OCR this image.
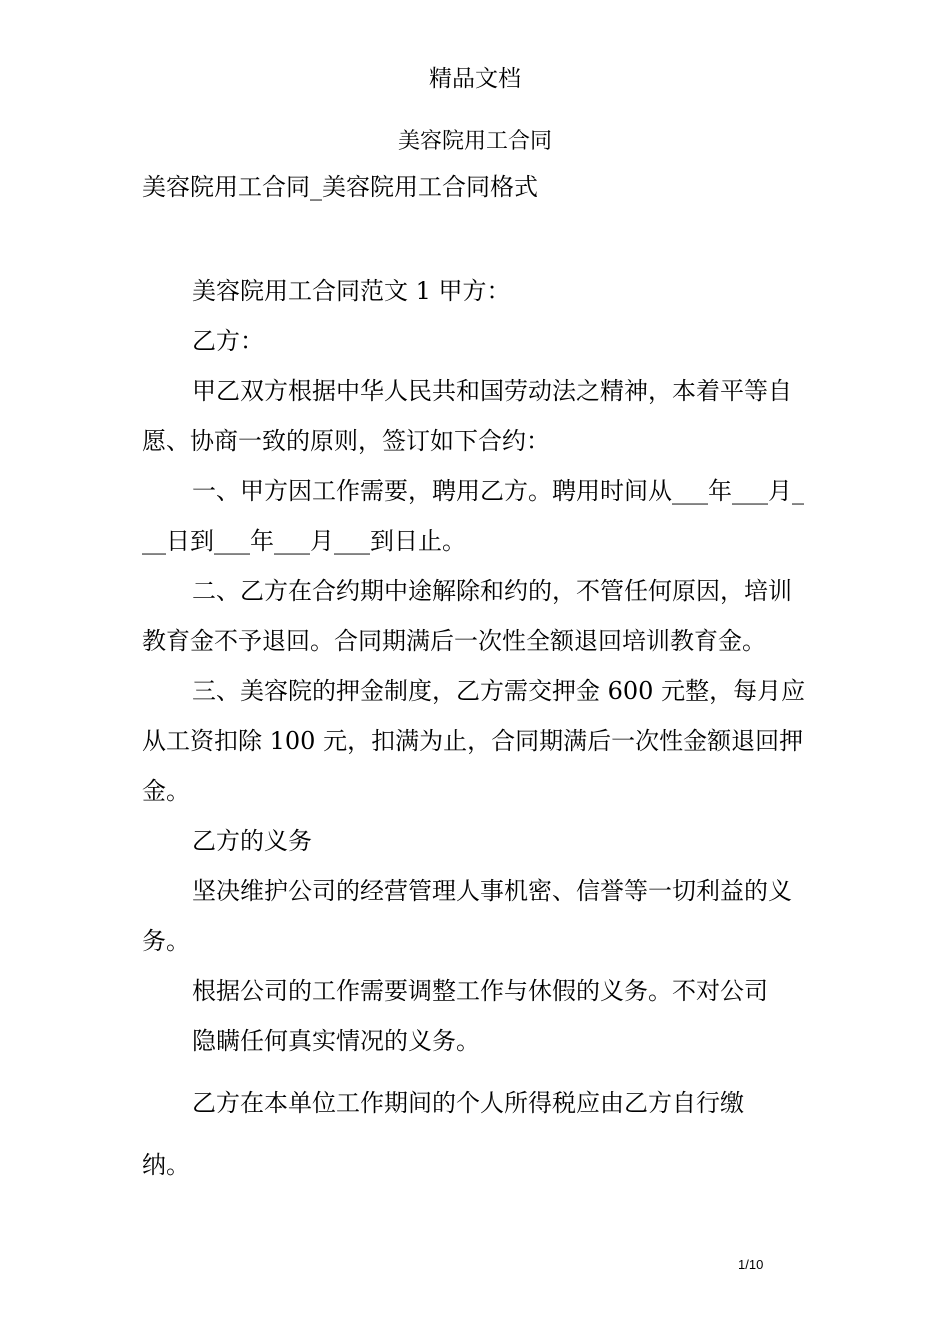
精品文档
美容院用工合同
美容院用工合同_美容院用工合同格式

美容院用工合同范文 1 甲方：

乙方：

甲乙双方根据中华人民共和国劳动法之精神，本着平等自愿、协商一致的原则，签订如下合约：

一、甲方因工作需要，聘用乙方。聘用时间从___年___月___日到___年___月___到日止。

二、乙方在合约期中途解除和约的，不管任何原因，培训教育金不予退回。合同期满后一次性全额退回培训教育金。

三、美容院的押金制度，乙方需交押金 600 元整，每月应从工资扣除 100 元，扣满为止，合同期满后一次性金额退回押金。

乙方的义务

坚决维护公司的经营管理人事机密、信誉等一切利益的义务。

根据公司的工作需要调整工作与休假的义务。不对公司

隐瞒任何真实情况的义务。

乙方在本单位工作期间的个人所得税应由乙方自行缴

纳。

1/10
